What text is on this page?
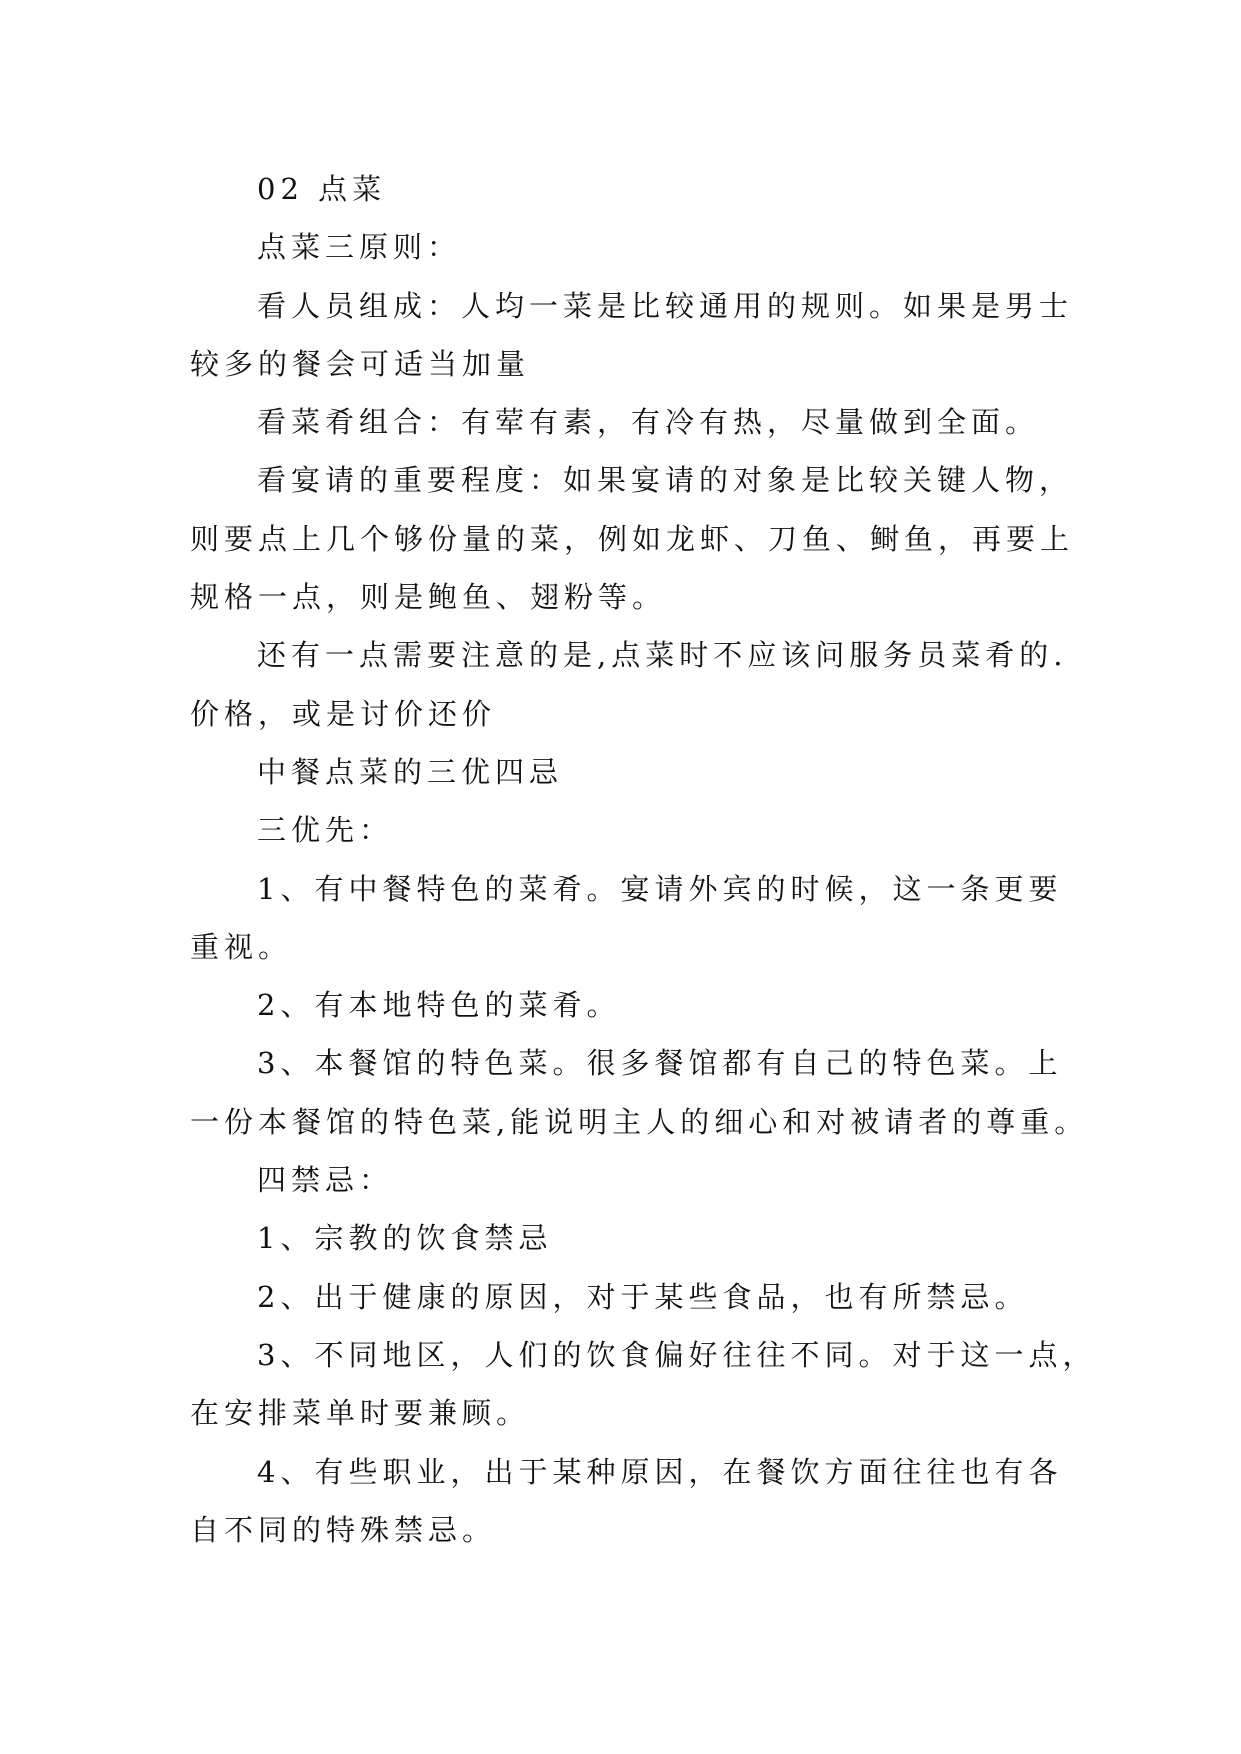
02 点菜
点菜三原则：
看人员组成：人均一菜是比较通用的规则。如果是男士
较多的餐会可适当加量
看菜肴组合：有荤有素，有冷有热，尽量做到全面。
看宴请的重要程度：如果宴请的对象是比较关键人物，
则要点上几个够份量的菜，例如龙虾、刀鱼、鲥鱼，再要上
规格一点，则是鲍鱼、翅粉等。
还有一点需要注意的是,点菜时不应该问服务员菜肴的.
价格，或是讨价还价
中餐点菜的三优四忌
三优先：
1、有中餐特色的菜肴。宴请外宾的时候，这一条更要
重视。
2、有本地特色的菜肴。
3、本餐馆的特色菜。很多餐馆都有自己的特色菜。上
一份本餐馆的特色菜,能说明主人的细心和对被请者的尊重。
四禁忌：
1、宗教的饮食禁忌
2、出于健康的原因，对于某些食品，也有所禁忌。
3、不同地区，人们的饮食偏好往往不同。对于这一点，
在安排菜单时要兼顾。
4、有些职业，出于某种原因，在餐饮方面往往也有各
自不同的特殊禁忌。
